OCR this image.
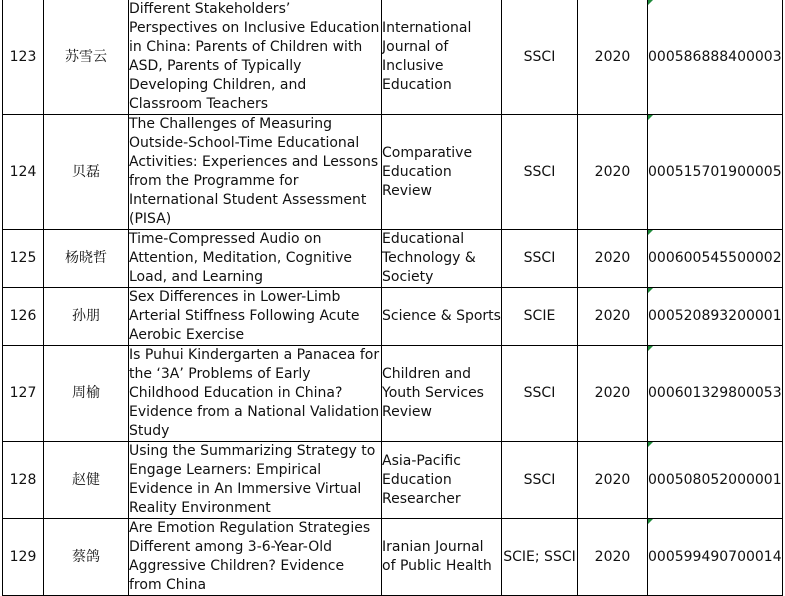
123	苏雪云	Different Stakeholders’ Perspectives on Inclusive Education in China: Parents of Children with ASD, Parents of Typically Developing Children, and Classroom Teachers	International Journal of Inclusive Education	SSCI	2020	000586888400003
124	贝磊	The Challenges of Measuring Outside-School-Time Educational Activities: Experiences and Lessons from the Programme for International Student Assessment (PISA)	Comparative Education Review	SSCI	2020	000515701900005
125	杨晓哲	Time-Compressed Audio on Attention, Meditation, Cognitive Load, and Learning	Educational Technology & Society	SSCI	2020	000600545500002
126	孙朋	Sex Differences in Lower-Limb Arterial Stiffness Following Acute Aerobic Exercise	Science & Sports	SCIE	2020	000520893200001
127	周榆	Is Puhui Kindergarten a Panacea for the ‘3A’ Problems of Early Childhood Education in China? Evidence from a National Validation Study	Children and Youth Services Review	SSCI	2020	000601329800053
128	赵健	Using the Summarizing Strategy to Engage Learners: Empirical Evidence in An Immersive Virtual Reality Environment	Asia-Pacific Education Researcher	SSCI	2020	000508052000001
129	蔡鸽	Are Emotion Regulation Strategies Different among 3-6-Year-Old Aggressive Children? Evidence from China	Iranian Journal of Public Health	SCIE; SSCI	2020	000599490700014
